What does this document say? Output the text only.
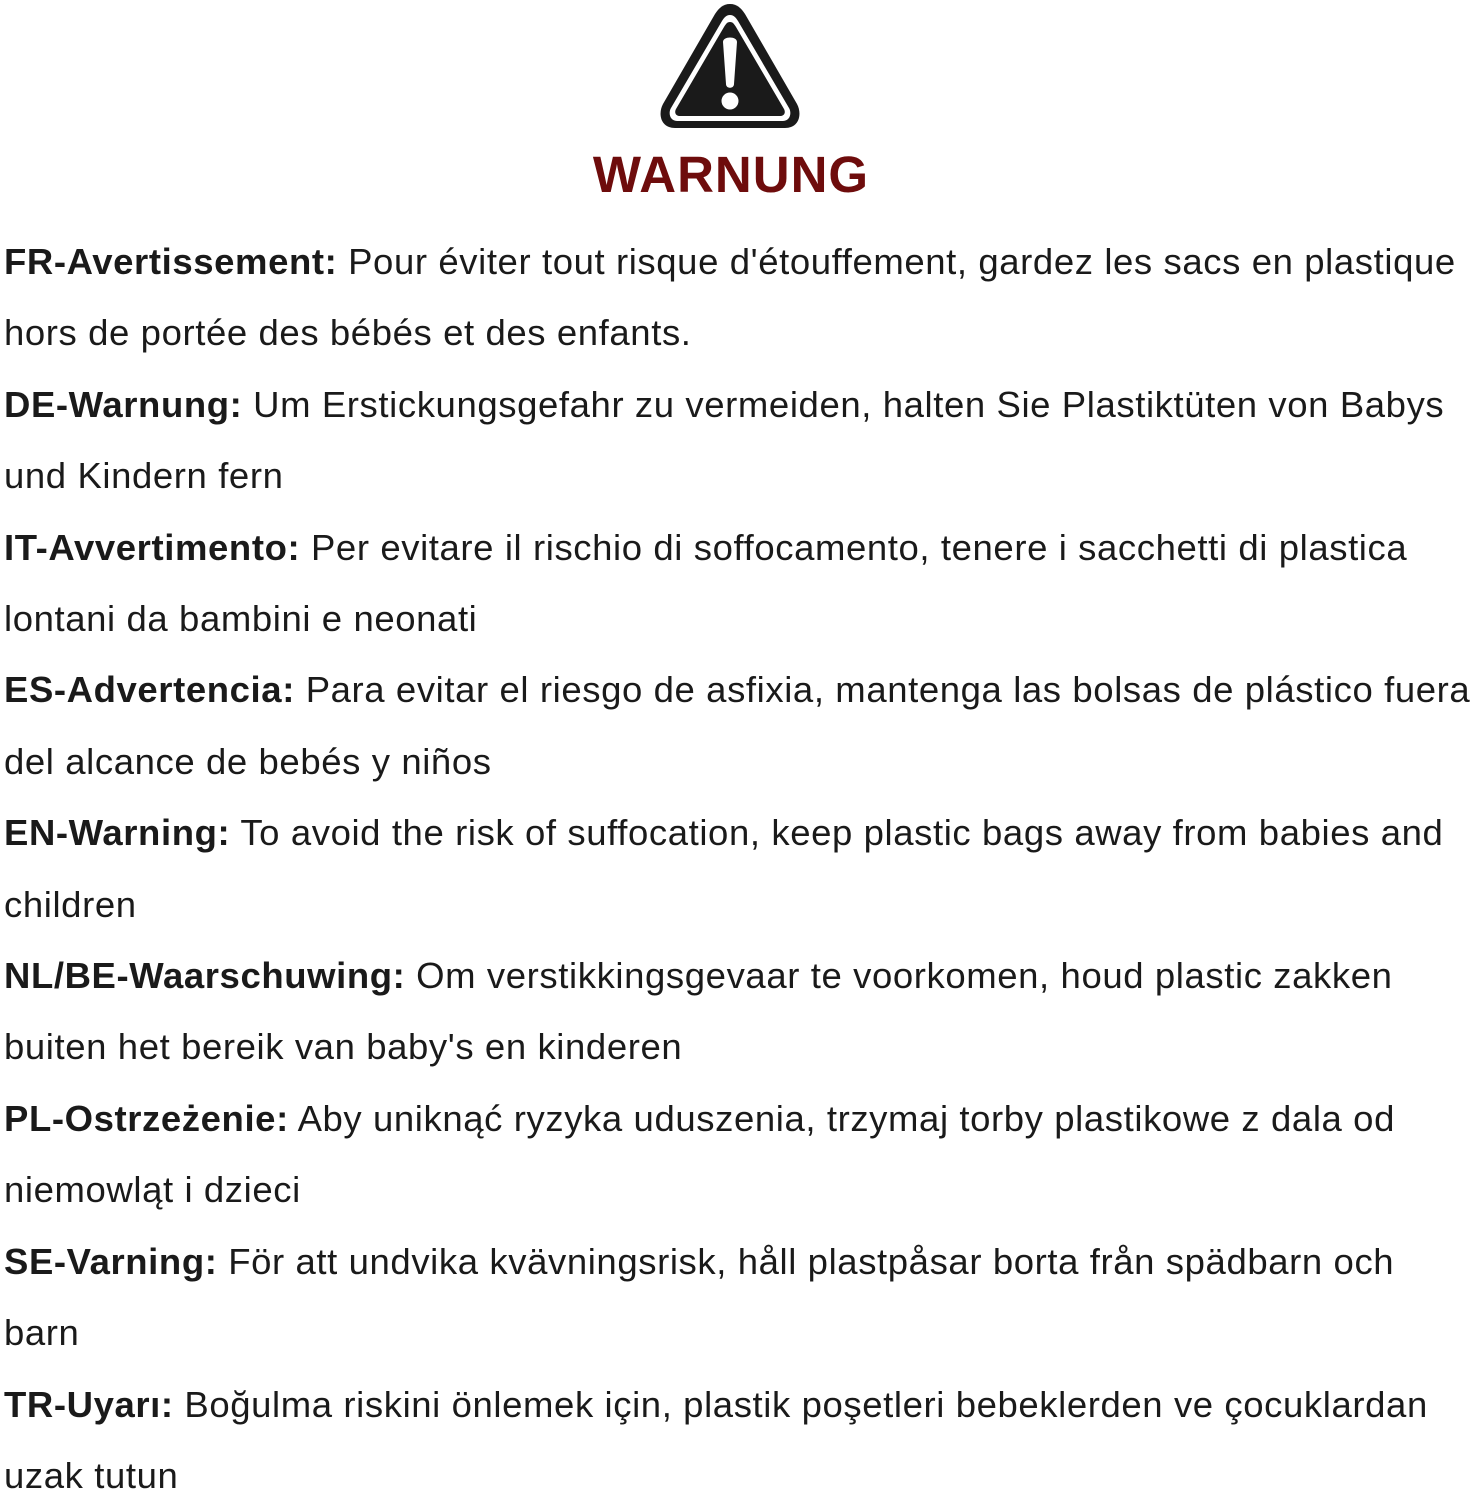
WARNUNG

FR-Avertissement: Pour éviter tout risque d'étouffement, gardez les sacs en plastique hors de portée des bébés et des enfants.

DE-Warnung: Um Erstickungsgefahr zu vermeiden, halten Sie Plastiktüten von Babys und Kindern fern

IT-Avvertimento: Per evitare il rischio di soffocamento, tenere i sacchetti di plastica lontani da bambini e neonati

ES-Advertencia: Para evitar el riesgo de asfixia, mantenga las bolsas de plástico fuera del alcance de bebés y niños

EN-Warning: To avoid the risk of suffocation, keep plastic bags away from babies and children

NL/BE-Waarschuwing: Om verstikkingsgevaar te voorkomen, houd plastic zakken buiten het bereik van baby's en kinderen

PL-Ostrzeżenie: Aby uniknąć ryzyka uduszenia, trzymaj torby plastikowe z dala od niemowląt i dzieci

SE-Varning: För att undvika kvävningsrisk, håll plastpåsar borta från spädbarn och barn

TR-Uyarı: Boğulma riskini önlemek için, plastik poşetleri bebeklerden ve çocuklardan uzak tutun
